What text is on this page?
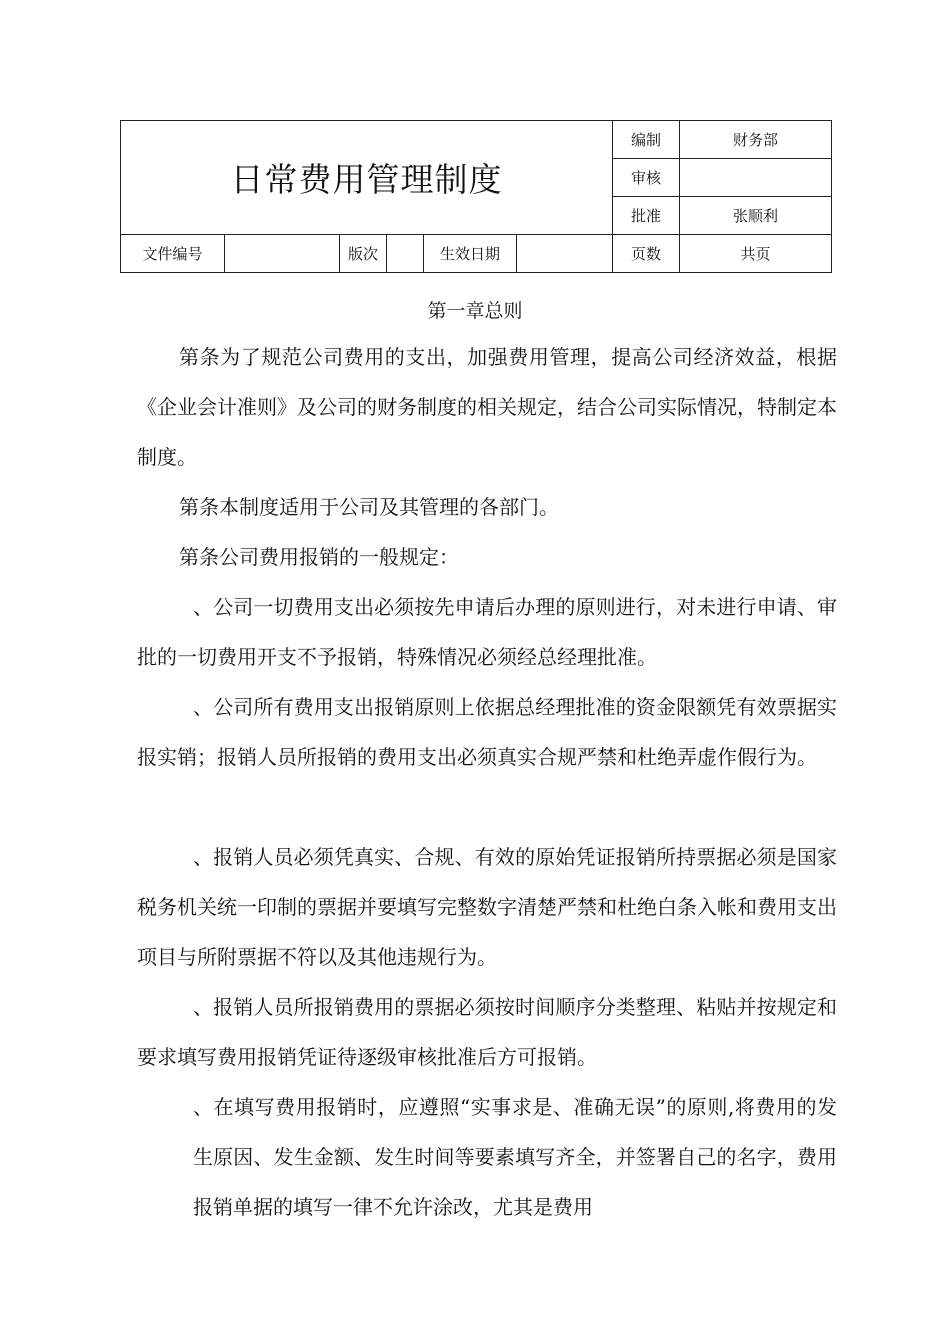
日常费用管理制度						编制	财务部
						审核	
						批准	张顺利
文件编号		版次		生效日期		页数	共页
第一章总则

第条为了规范公司费用的支出，加强费用管理，提高公司经济效益，根据《企业会计准则》及公司的财务制度的相关规定，结合公司实际情况，特制定本制度。

第条本制度适用于公司及其管理的各部门。

第条公司费用报销的一般规定：

、公司一切费用支出必须按先申请后办理的原则进行，对未进行申请、审批的一切费用开支不予报销，特殊情况必须经总经理批准。

、公司所有费用支出报销原则上依据总经理批准的资金限额凭有效票据实报实销；报销人员所报销的费用支出必须真实合规严禁和杜绝弄虚作假行为。

、报销人员必须凭真实、合规、有效的原始凭证报销所持票据必须是国家税务机关统一印制的票据并要填写完整数字清楚严禁和杜绝白条入帐和费用支出项目与所附票据不符以及其他违规行为。

、报销人员所报销费用的票据必须按时间顺序分类整理、粘贴并按规定和要求填写费用报销凭证待逐级审核批准后方可报销。

、在填写费用报销时，应遵照“实事求是、准确无误”的原则,将费用的发生原因、发生金额、发生时间等要素填写齐全，并签署自己的名字，费用报销单据的填写一律不允许涂改，尤其是费用
